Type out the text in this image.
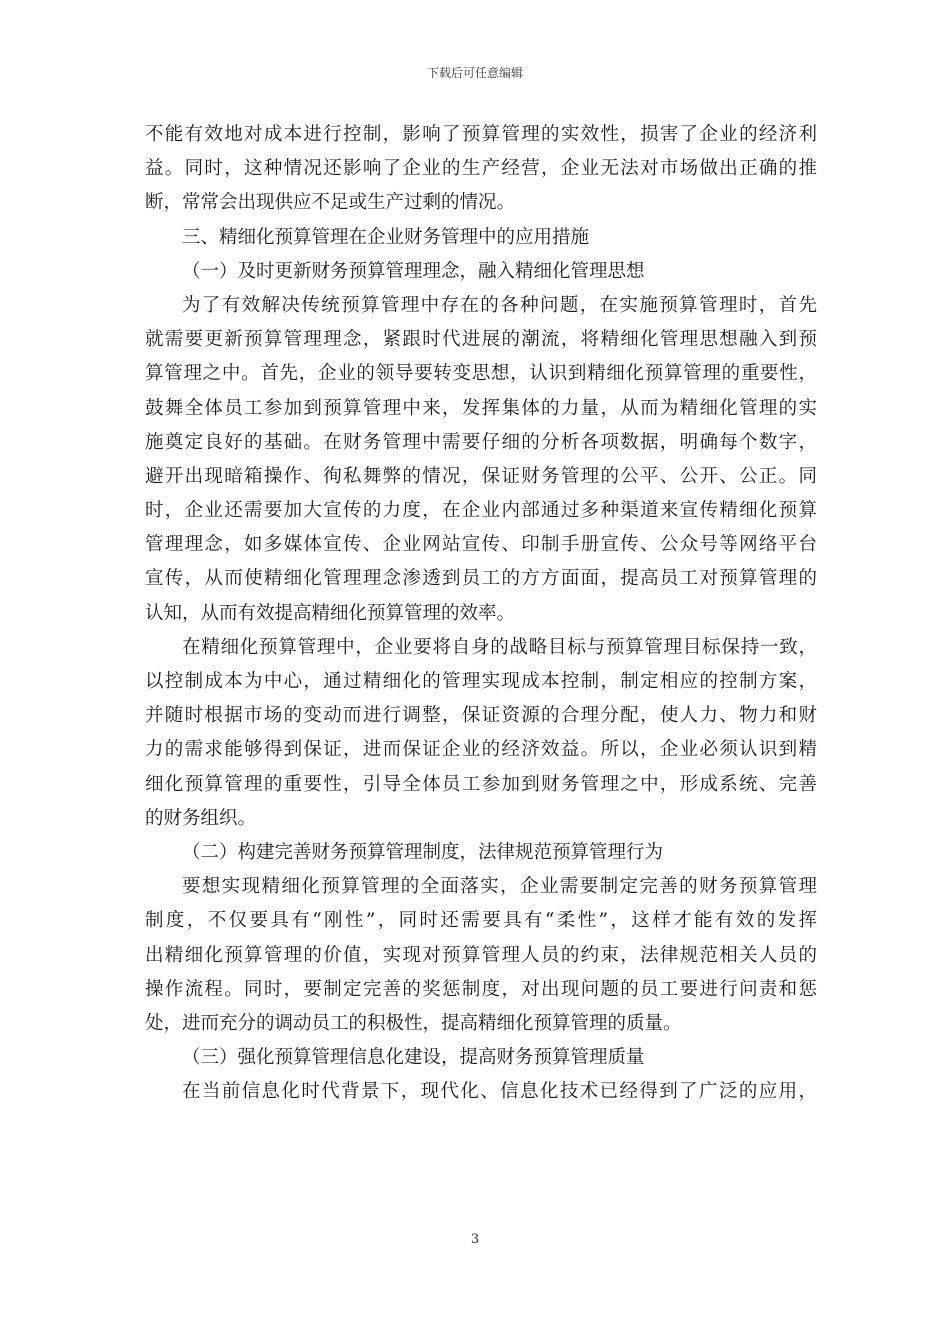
下载后可任意编辑
不能有效地对成本进行控制，影响了预算管理的实效性，损害了企业的经济利
益。同时，这种情况还影响了企业的生产经营，企业无法对市场做出正确的推
断，常常会出现供应不足或生产过剩的情况。
三、精细化预算管理在企业财务管理中的应用措施
（一）及时更新财务预算管理理念，融入精细化管理思想
为了有效解决传统预算管理中存在的各种问题，在实施预算管理时，首先
就需要更新预算管理理念，紧跟时代进展的潮流，将精细化管理思想融入到预
算管理之中。首先，企业的领导要转变思想，认识到精细化预算管理的重要性，
鼓舞全体员工参加到预算管理中来，发挥集体的力量，从而为精细化管理的实
施奠定良好的基础。在财务管理中需要仔细的分析各项数据，明确每个数字，
避开出现暗箱操作、徇私舞弊的情况，保证财务管理的公平、公开、公正。同
时，企业还需要加大宣传的力度，在企业内部通过多种渠道来宣传精细化预算
管理理念，如多媒体宣传、企业网站宣传、印制手册宣传、公众号等网络平台
宣传，从而使精细化管理理念渗透到员工的方方面面，提高员工对预算管理的
认知，从而有效提高精细化预算管理的效率。
在精细化预算管理中，企业要将自身的战略目标与预算管理目标保持一致，
以控制成本为中心，通过精细化的管理实现成本控制，制定相应的控制方案，
并随时根据市场的变动而进行调整，保证资源的合理分配，使人力、物力和财
力的需求能够得到保证，进而保证企业的经济效益。所以，企业必须认识到精
细化预算管理的重要性，引导全体员工参加到财务管理之中，形成系统、完善
的财务组织。
（二）构建完善财务预算管理制度，法律规范预算管理行为
要想实现精细化预算管理的全面落实，企业需要制定完善的财务预算管理
制度，不仅要具有“刚性”，同时还需要具有“柔性”，这样才能有效的发挥
出精细化预算管理的价值，实现对预算管理人员的约束，法律规范相关人员的
操作流程。同时，要制定完善的奖惩制度，对出现问题的员工要进行问责和惩
处，进而充分的调动员工的积极性，提高精细化预算管理的质量。
（三）强化预算管理信息化建设，提高财务预算管理质量
在当前信息化时代背景下，现代化、信息化技术已经得到了广泛的应用，
3
